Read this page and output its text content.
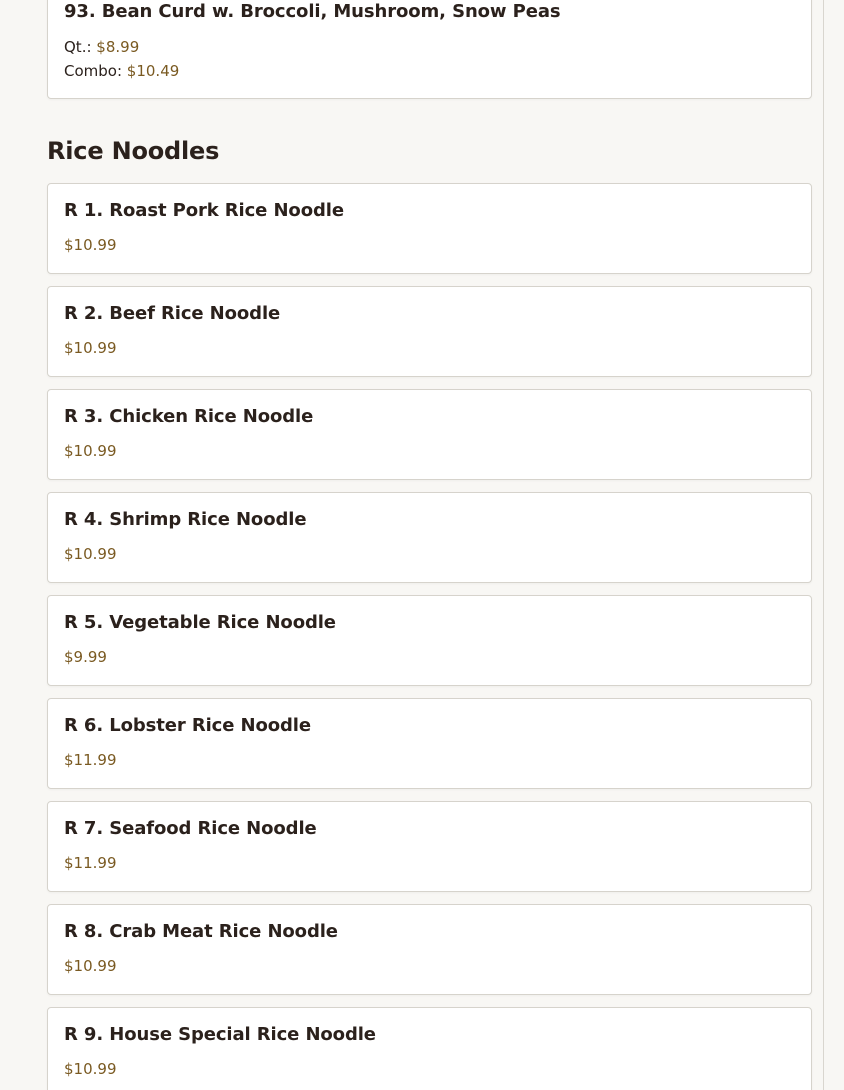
93. Bean Curd w. Broccoli, Mushroom, Snow Peas
Qt.: $8.99
Combo: $10.49
Rice Noodles
R 1. Roast Pork Rice Noodle
$10.99
R 2. Beef Rice Noodle
$10.99
R 3. Chicken Rice Noodle
$10.99
R 4. Shrimp Rice Noodle
$10.99
R 5. Vegetable Rice Noodle
$9.99
R 6. Lobster Rice Noodle
$11.99
R 7. Seafood Rice Noodle
$11.99
R 8. Crab Meat Rice Noodle
$10.99
R 9. House Special Rice Noodle
$10.99
